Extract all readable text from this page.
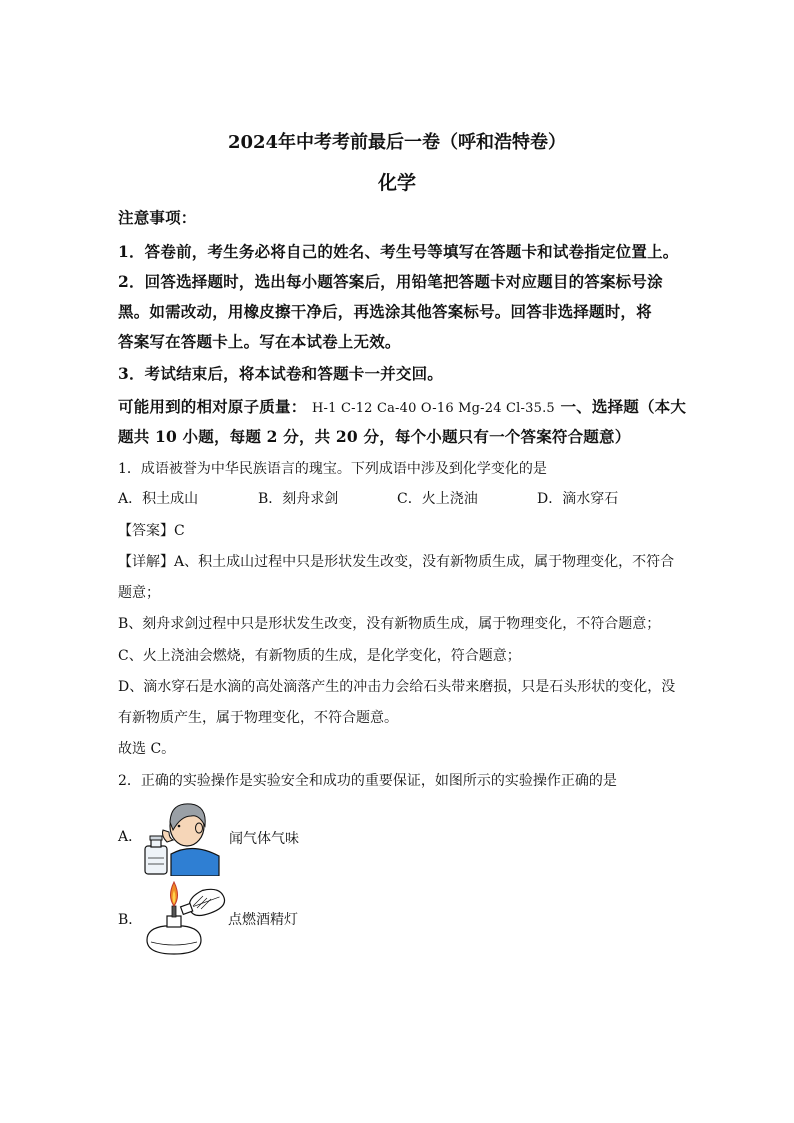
2024年中考考前最后一卷（呼和浩特卷）
化学
注意事项：
1．答卷前，考生务必将自己的姓名、考生号等填写在答题卡和试卷指定位置上。
2．回答选择题时，选出每小题答案后，用铅笔把答题卡对应题目的答案标号涂
黑。如需改动，用橡皮擦干净后，再选涂其他答案标号。回答非选择题时，将
答案写在答题卡上。写在本试卷上无效。
3．考试结束后，将本试卷和答题卡一并交回。
可能用到的相对原子质量： H-1 C-12 Ca-40 O-16 Mg-24 Cl-35.5 一、选择题（本大
题共 10 小题，每题 2 分，共 20 分，每个小题只有一个答案符合题意）
1．成语被誉为中华民族语言的瑰宝。下列成语中涉及到化学变化的是
A．积土成山	B．刻舟求剑	C．火上浇油	D．滴水穿石
【答案】C
【详解】A、积土成山过程中只是形状发生改变，没有新物质生成，属于物理变化，不符合
题意；
B、刻舟求剑过程中只是形状发生改变，没有新物质生成，属于物理变化，不符合题意；
C、火上浇油会燃烧，有新物质的生成，是化学变化，符合题意；
D、滴水穿石是水滴的高处滴落产生的冲击力会给石头带来磨损，只是石头形状的变化，没
有新物质产生，属于物理变化，不符合题意。
故选 C。
2．正确的实验操作是实验安全和成功的重要保证，如图所示的实验操作正确的是
A．	闻气体气味
B．	点燃酒精灯
